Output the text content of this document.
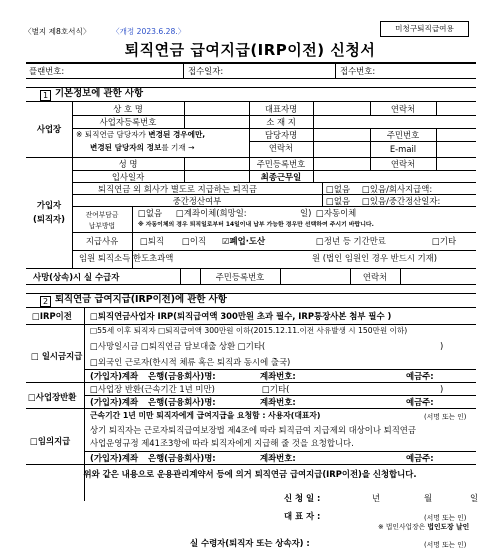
〈별지 제8호서식〉	〈개정 2023.6.28.〉	미청구퇴직급여용
퇴직연금 급여지급(IRP이전) 신청서
플랜번호:	접수일자:	접수번호:
1 기본정보에 관한 사항
사업장
상 호 명	대표자명	연락처
사업자등록번호	소 재 지
※ 퇴직연금 담당자가 변경된 경우에만,
변경된 담당자의 정보를 기재 →
담당자명	주민번호
연락처	E-mail
가입자
(퇴직자)
성 명	주민등록번호	연락처
입사일자	최종근무일
퇴직연금 외 회사가 별도로 지급하는 퇴직금	□없음 □있음/회사지급액:
중간정산여부	□없음 □있음/중간정산일자:
잔여부담금
납부방법
□없음 □계좌이체(희망일:	일) □자동이체
※ 자동이체의 경우 퇴직일로부터 14일이내 납부 가능한 경우만 선택하여 주시기 바랍니다.
지급사유	□퇴직 □이직 ☑폐업·도산	□정년 등 기간만료	□기타
임원 퇴직소득 한도초과액	원 (법인 임원인 경우 반드시 기재)
사망(상속)시 실 수급자	주민등록번호	연락처
2 퇴직연금 급여지급(IRP이전)에 관한 사항
□IRP이전 □퇴직연금사업자 IRP(퇴직급여액 300만원 초과 필수, IRP통장사본 첨부 필수 )
□ 일시금지급
□55세 이후 퇴직자 □퇴직급여액 300만원 이하(2015.12.11.이전 사유발생 시 150만원 이하)
□사망일시금 □퇴직연금 담보대출 상환 □기타(	)
□외국인 근로자(한시적 체류 혹은 퇴직과 동시에 출국)
(가입자)계좌 은행(금융회사)명:	계좌번호:	예금주:
□사업장반환
□사업장 반환(근속기간 1년 미만)	□기타(	)
(가입자)계좌 은행(금융회사)명:	계좌번호:	예금주:
□임의지급
근속기간 1년 미만 퇴직자에게 급여지급을 요청함 : 사용자(대표자)	(서명 또는 인)
상기 퇴직자는 근로자퇴직급여보장법 제4조에 따라 퇴직금여 지급제외 대상이나 퇴직연금
사업운영규정 제41조3항에 따라 퇴직자에게 지급해 줄 것을 요청합니다.
(가입자)계좌 은행(금융회사)명:	계좌번호:	예금주:
위와 같은 내용으로 운용관리계약서 등에 의거 퇴직연금 급여지급(IRP이전)을 신청합니다.
신 청 일 :	년	월	일
대 표 자 :	(서명 또는 인)
※ 법인사업장은 법인도장 날인
실 수령자(퇴직자 또는 상속자) :	(서명 또는 인)
